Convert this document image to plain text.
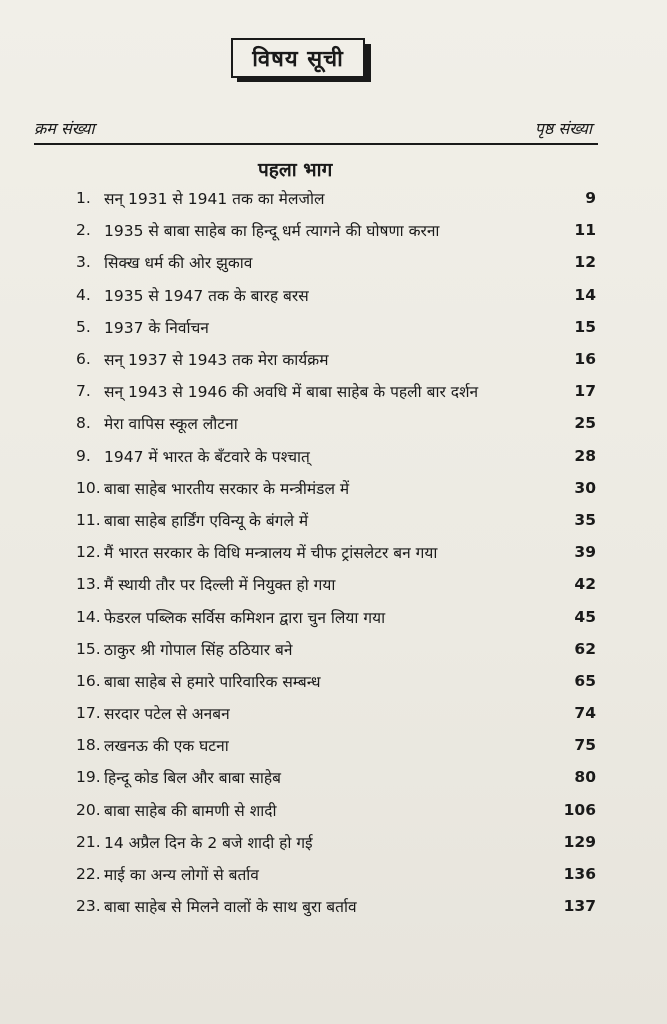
विषय सूची
क्रम संख्या	पृष्ठ संख्या
पहला भाग
1. सन् 1931 से 1941 तक का मेलजोल	9
2. 1935 से बाबा साहेब का हिन्दू धर्म त्यागने की घोषणा करना	11
3. सिक्ख धर्म की ओर झुकाव	12
4. 1935 से 1947 तक के बारह बरस	14
5. 1937 के निर्वाचन	15
6. सन् 1937 से 1943 तक मेरा कार्यक्रम	16
7. सन् 1943 से 1946 की अवधि में बाबा साहेब के पहली बार दर्शन	17
8. मेरा वापिस स्कूल लौटना	25
9. 1947 में भारत के बँटवारे के पश्चात्	28
10. बाबा साहेब भारतीय सरकार के मन्त्रीमंडल में	30
11. बाबा साहेब हार्डिंग एविन्यू के बंगले में	35
12. मैं भारत सरकार के विधि मन्त्रालय में चीफ ट्रांसलेटर बन गया	39
13. मैं स्थायी तौर पर दिल्ली में नियुक्त हो गया	42
14. फेडरल पब्लिक सर्विस कमिशन द्वारा चुन लिया गया	45
15. ठाकुर श्री गोपाल सिंह ठठियार बने	62
16. बाबा साहेब से हमारे पारिवारिक सम्बन्ध	65
17. सरदार पटेल से अनबन	74
18. लखनऊ की एक घटना	75
19. हिन्दू कोड बिल और बाबा साहेब	80
20. बाबा साहेब की बामणी से शादी	106
21. 14 अप्रैल दिन के 2 बजे शादी हो गई	129
22. माई का अन्य लोगों से बर्ताव	136
23. बाबा साहेब से मिलने वालों के साथ बुरा बर्ताव	137
